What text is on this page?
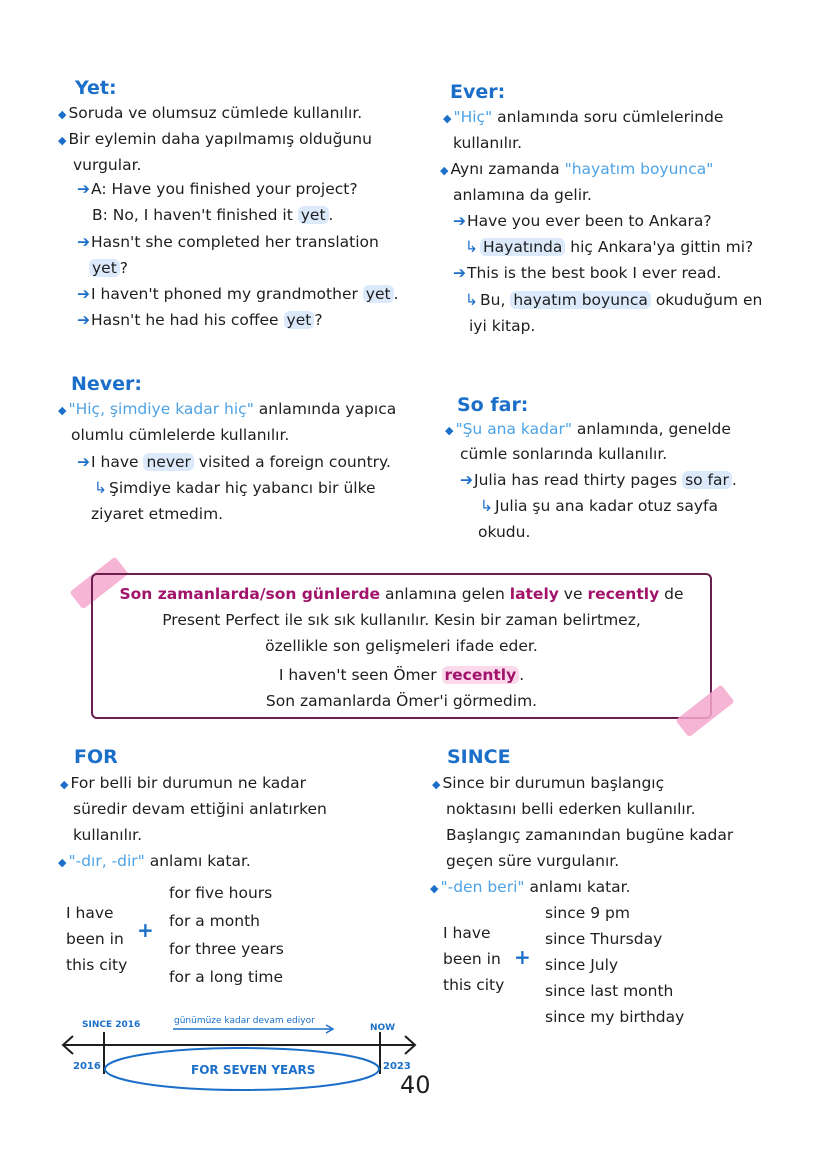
Yet:
◆ Soruda ve olumsuz cümlede kullanılır.
◆ Bir eylemin daha yapılmamış olduğunu
vurgular.
➔A: Have you finished your project?
B: No, I haven't finished it yet .
➔Hasn't she completed her translation
yet ?
➔I haven't phoned my grandmother yet .
➔Hasn't he had his coffee yet ?
Ever:
◆ "Hiç" anlamında soru cümlelerinde
kullanılır.
◆ Aynı zamanda "hayatım boyunca"
anlamına da gelir.
➔Have you ever been to Ankara?
↳ Hayatında hiç Ankara'ya gittin mi?
➔This is the best book I ever read.
↳ Bu, hayatım boyunca okuduğum en
iyi kitap.
Never:
◆ "Hiç, şimdiye kadar hiç" anlamında yapıca
olumlu cümlelerde kullanılır.
➔I have never visited a foreign country.
↳ Şimdiye kadar hiç yabancı bir ülke
ziyaret etmedim.
So far:
◆ "Şu ana kadar" anlamında, genelde
cümle sonlarında kullanılır.
➔Julia has read thirty pages so far .
↳ Julia şu ana kadar otuz sayfa
okudu.
Son zamanlarda/son günlerde anlamına gelen lately ve recently de
Present Perfect ile sık sık kullanılır. Kesin bir zaman belirtmez,
özellikle son gelişmeleri ifade eder.
I haven't seen Ömer recently .
Son zamanlarda Ömer'i görmedim.
FOR
◆ For belli bir durumun ne kadar
süredir devam ettiğini anlatırken
kullanılır.
◆ "-dır, -dir" anlamı katar.
I have
been in
this city
+
for five hours
for a month
for three years
for a long time
SINCE
◆ Since bir durumun başlangıç
noktasını belli ederken kullanılır.
Başlangıç zamanından bugüne kadar
geçen süre vurgulanır.
◆ "-den beri" anlamı katar.
I have
been in
this city
+
since 9 pm
since Thursday
since July
since last month
since my birthday
SINCE 2016	günümüze kadar devam ediyor
NOW
2016	2023
FOR SEVEN YEARS
40
